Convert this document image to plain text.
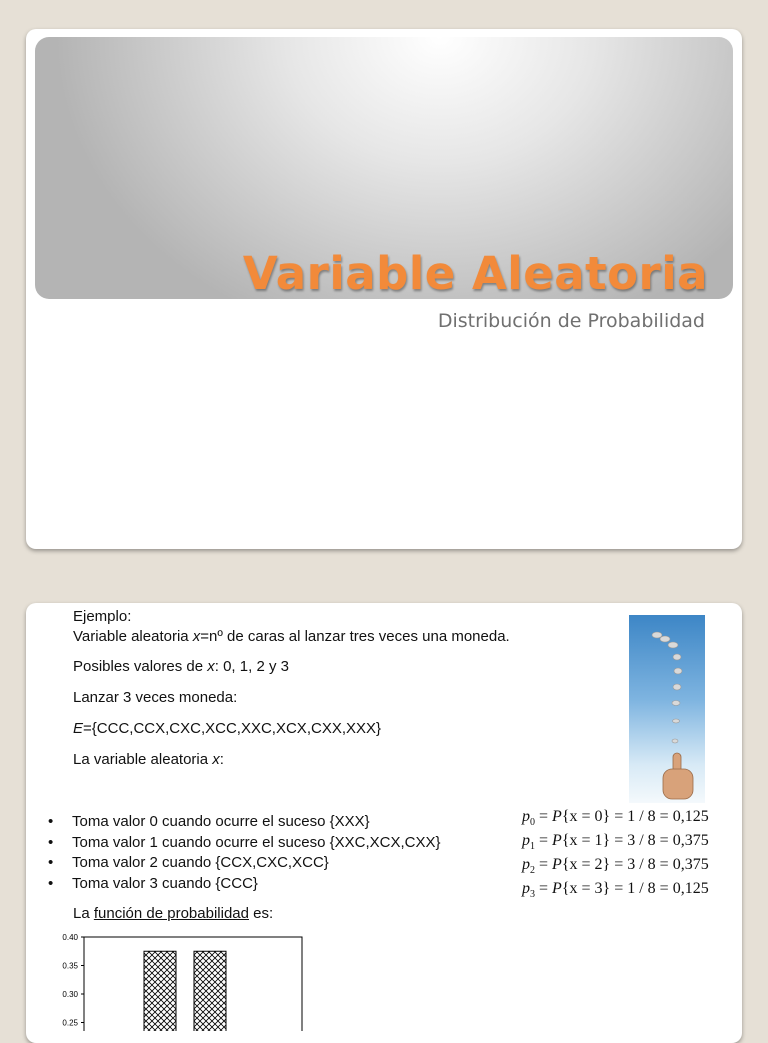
Variable Aleatoria
Distribución de Probabilidad
Ejemplo:
Variable aleatoria x=nº de caras al lanzar tres veces una moneda.
Posibles valores de x: 0, 1, 2 y 3
Lanzar 3 veces moneda:
E={CCC,CCX,CXC,XCC,XXC,XCX,CXX,XXX}
La variable aleatoria x:
• Toma valor 0 cuando ocurre el suceso {XXX}
• Toma valor 1 cuando ocurre el suceso {XXC,XCX,CXX}
• Toma valor 2 cuando {CCX,CXC,XCC}
• Toma valor 3 cuando {CCC}
$p_0 = P\{x = 0\} = 1 / 8 = 0,125$
$p_1 = P\{x = 1\} = 3 / 8 = 0,375$
$p_2 = P\{x = 2\} = 3 / 8 = 0,375$
$p_3 = P\{x = 3\} = 1 / 8 = 0,125$
La función de probabilidad es:
0.40
0.35
0.30
0.25
